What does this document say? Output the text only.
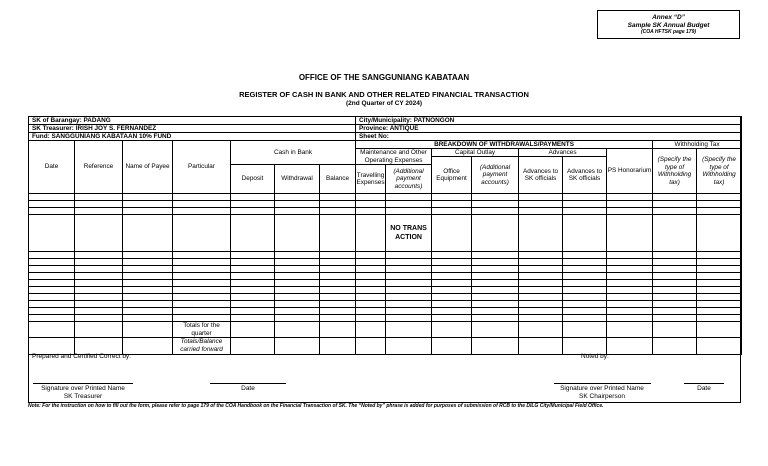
Annex “D”
Sample SK Annual Budget
(COA HFTSK page 179)
OFFICE OF THE SANGGUNIANG KABATAAN
REGISTER OF CASH IN BANK AND OTHER RELATED FINANCIAL TRANSACTION
(2nd Quarter of CY 2024)
SK of Barangay: PADANG							City/Municipality: PATNONGON								
SK Treasurer: IRISH JOY S. FERNANDEZ							Province: ANTIQUE								
Fund: SANGGUNIANG KABATAAN 10% FUND							Sheet No:								
Date	Reference	Name of Payee	Particular	Cash in Bank			BREAKDOWN OF WITHDRAWALS/PAYMENTS							Withholding Tax	
							Maintenance and Other Operating Expenses		Capital Outlay		Advances		PS Honorarium	(Specify the type of Withholding tax)	(Specify the type of Withholding tax)
									Office Equipment	(Additional payment accounts)	Advances to SK officials	Advances to SK officials			
				Deposit	Withdrawal	Balance	Travelling Expenses	(Additional payment accounts)							

								NO TRANS ACTION							

			Totals for the quarter												
			Totals/Balance carried forward												
Prepared and Certified Correct by:	Noted by:
Signature over Printed Name
SK Treasurer
Date	Signature over Printed Name
SK Chairperson
Date
Note: For the instruction on how to fill out the form, please refer to page 179 of the COA Handbook on the Financial Transaction of SK. The “Noted by” phrase is added for purposes of submission of RCB to the DILG City/Municipal Field Office.
